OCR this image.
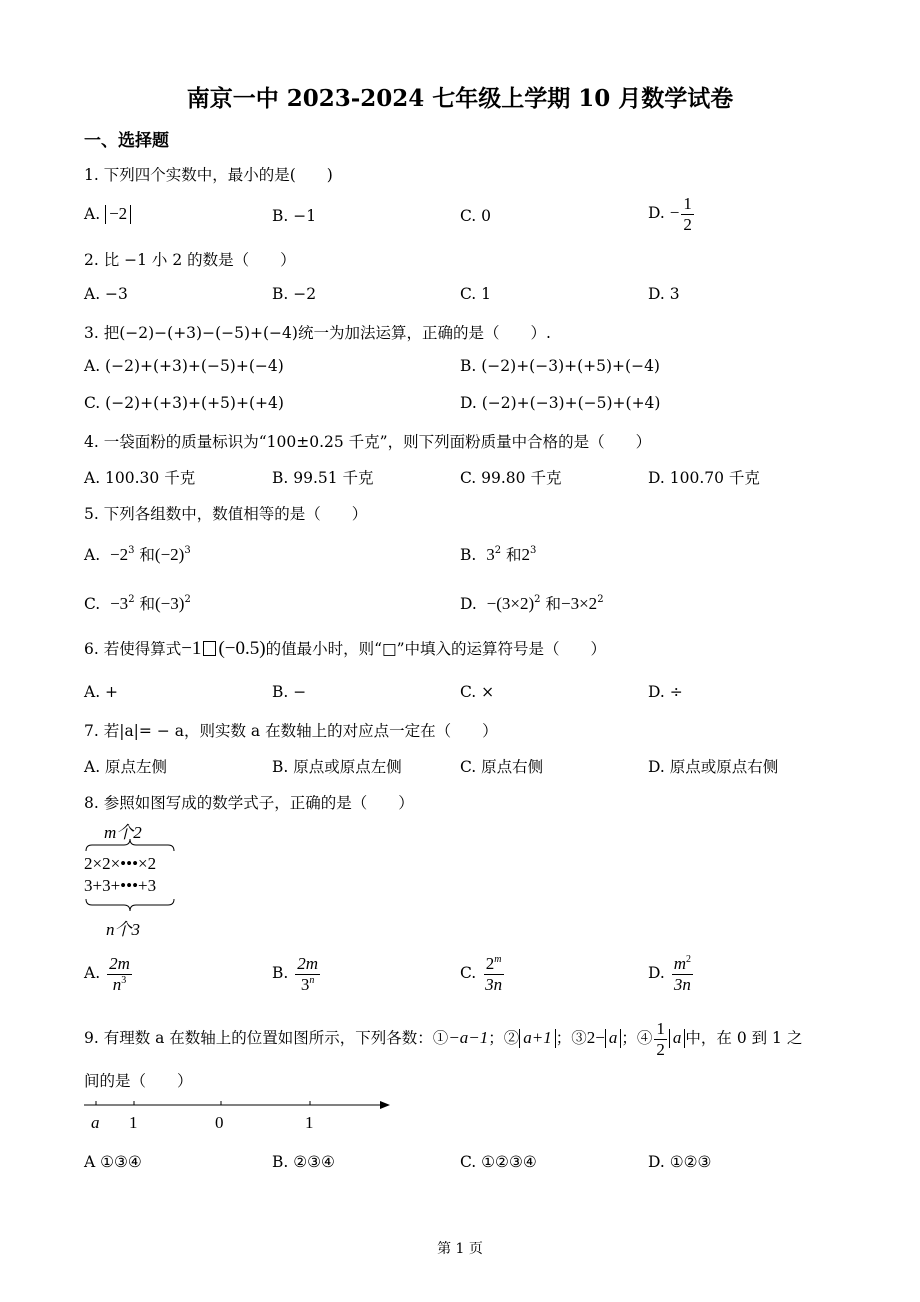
南京一中 2023-2024 七年级上学期 10 月数学试卷
一、选择题
1. 下列四个实数中，最小的是(　　)
A. −2	B. −1	C. 0	D. − $\frac{1}{2}$
2. 比 −1 小 2 的数是（　　）
A. −3	B. −2	C. 1	D. 3
3. 把(−2)−(+3)−(−5)+(−4)统一为加法运算，正确的是（　　）.
A. (−2)+(+3)+(−5)+(−4)	B. (−2)+(−3)+(+5)+(−4)
C. (−2)+(+3)+(+5)+(+4)	D. (−2)+(−3)+(−5)+(+4)
4. 一袋面粉的质量标识为“100±0.25 千克”，则下列面粉质量中合格的是（　　）
A. 100.30 千克	B. 99.51 千克	C. 99.80 千克	D. 100.70 千克
5. 下列各组数中，数值相等的是（　　）
A. $-2^3$ 和$(-2)^3$	B. $3^2$ 和$2^3$
C. $-3^2$ 和$(-3)^2$	D. $-(3\times 2)^2$ 和$-3\times 2^2$
6. 若使得算式−1 (−0.5)的值最小时，则“□”中填入的运算符号是（　　）
A. +	B. −	C. ×	D. ÷
7. 若|a|= − a，则实数 a 在数轴上的对应点一定在（　　）
A. 原点左侧	B. 原点或原点左侧	C. 原点右侧	D. 原点或原点右侧
8. 参照如图写成的数学式子，正确的是（　　）
m个2
2×2×•••×2
3+3+•••+3
n个3
A. $\frac{2m}{n^3}$	B. $\frac{2m}{3^n}$	C. $\frac{2^m}{3n}$	D. $\frac{m^2}{3n}$
9. 有理数 a 在数轴上的位置如图所示，下列各数：①−a−1；② a+1 ；③2− a ；④ $\frac{1}{2}$ a 中，在 0 到 1 之
间的是（　　）
a 1	0	1
A ①③④	B. ②③④	C. ①②③④	D. ①②③
第 1 页
